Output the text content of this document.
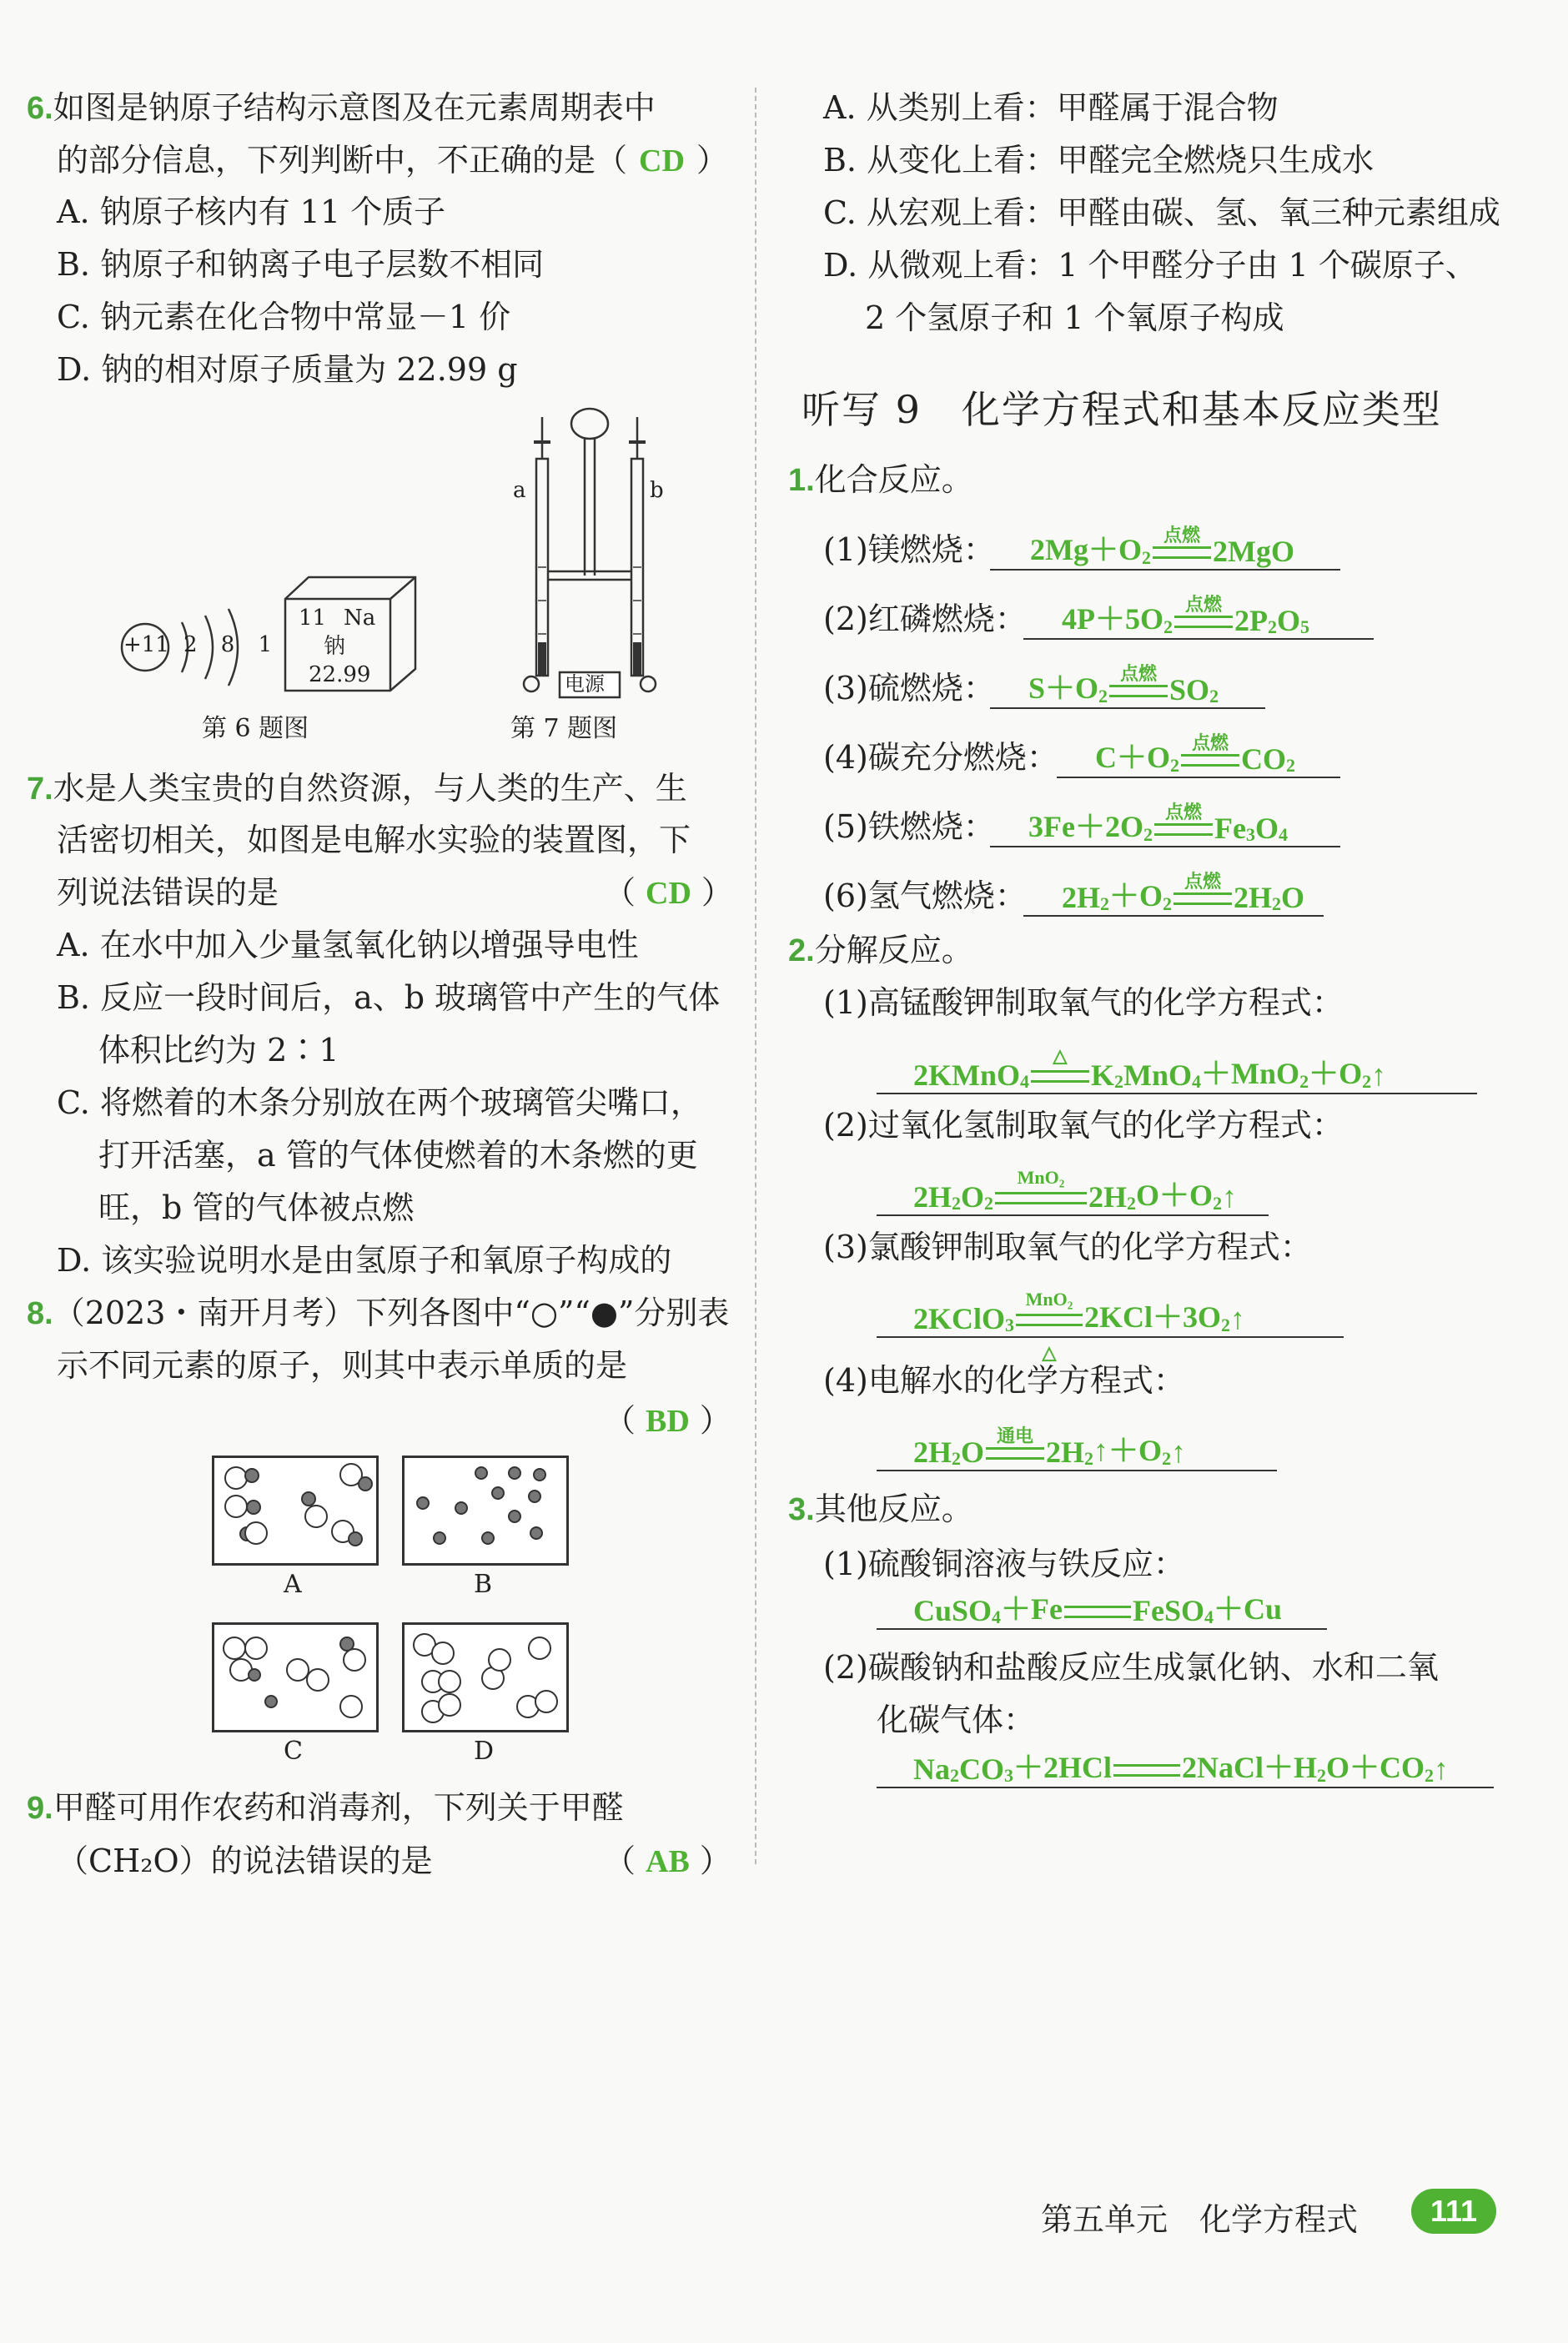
6.如图是钠原子结构示意图及在元素周期表中
的部分信息，下列判断中，不正确的是（ CD ）
A. 钠原子核内有 11 个质子
B. 钠原子和钠离子电子层数不相同
C. 钠元素在化合物中常显－1 价
D. 钠的相对原子质量为 22.99 g
+11 2 8 1
11 Na
钠
22.99
第 6 题图
a	b
电源
第 7 题图
7.水是人类宝贵的自然资源，与人类的生产、生
活密切相关，如图是电解水实验的装置图，下
列说法错误的是	（ CD ）
A. 在水中加入少量氢氧化钠以增强导电性
B. 反应一段时间后，a、b 玻璃管中产生的气体
体积比约为 2∶1
C. 将燃着的木条分别放在两个玻璃管尖嘴口，
打开活塞，a 管的气体使燃着的木条燃的更
旺，b 管的气体被点燃
D. 该实验说明水是由氢原子和氧原子构成的
8.（2023・南开月考）下列各图中“○”“●”分别表
示不同元素的原子，则其中表示单质的是
（ BD ）
A	B
C	D
9.甲醛可用作农药和消毒剂，下列关于甲醛
（CH₂O）的说法错误的是	（ AB ）
A. 从类别上看：甲醛属于混合物
B. 从变化上看：甲醛完全燃烧只生成水
C. 从宏观上看：甲醛由碳、氢、氧三种元素组成
D. 从微观上看：1 个甲醛分子由 1 个碳原子、
2 个氢原子和 1 个氧原子构成
听写 9　化学方程式和基本反应类型
1.化合反应。
(1)镁燃烧： $2Mg+O_2$
点燃 2MgO
(2)红磷燃烧： $4P+5O_2$
点燃 $2P_2$ O 5
(3)硫燃烧： $S+O_2$
点燃 $SO_2$
(4)碳充分燃烧： $C+O_2$
点燃 $CO_2$
(5)铁燃烧： $3Fe+2O_2$
点燃 $Fe_3$ O 4
(6)氢气燃烧： $2H_2 +O$ 2
点燃 $2H_2$ O
2.分解反应。
(1)高锰酸钾制取氧气的化学方程式：
2KMnO 4
△
K 2 MnO 4 ＋MnO 2 ＋O 2 ↑
(2)过氧化氢制取氧气的化学方程式：
2H 2 O 2
MnO₂
2H 2 O＋O 2 ↑
(3)氯酸钾制取氧气的化学方程式：
2KClO 3
MnO₂
△
2KCl＋3O 2 ↑
(4)电解水的化学方程式：
2H 2 O 通电 2H 2 ↑＋O 2 ↑
3.其他反应。
(1)硫酸铜溶液与铁反应：
CuSO 4 ＋Fe FeSO 4 ＋Cu
(2)碳酸钠和盐酸反应生成氯化钠、水和二氧
化碳气体：
Na 2 CO 3 ＋2HCl 2NaCl＋H 2 O＋CO 2 ↑
第五单元　化学方程式	111
